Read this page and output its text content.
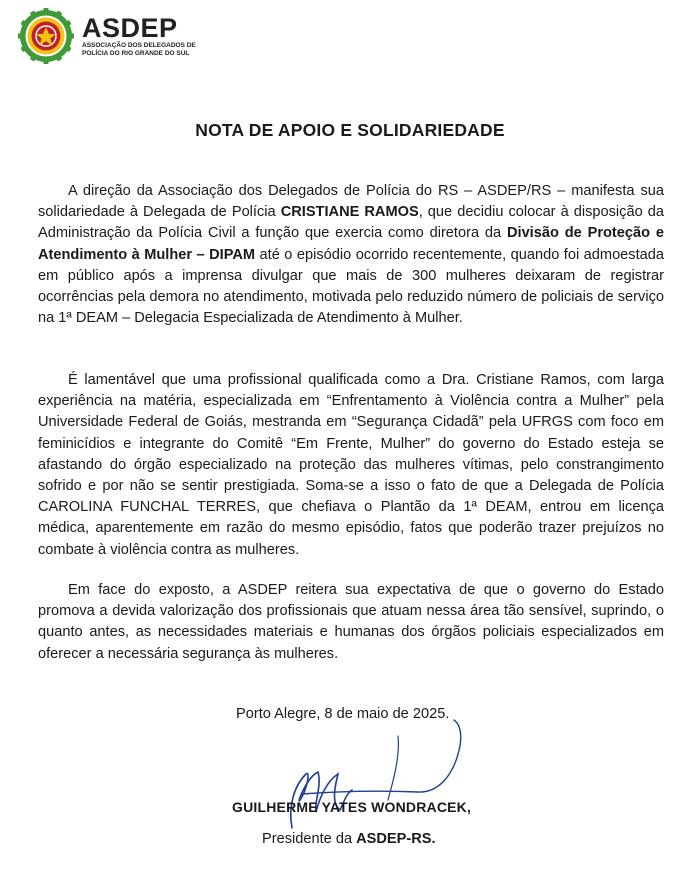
ASDEP
ASSOCIAÇÃO DOS DELEGADOS DE
POLÍCIA DO RIO GRANDE DO SUL
NOTA DE APOIO E SOLIDARIEDADE

A direção da Associação dos Delegados de Polícia do RS – ASDEP/RS – manifesta sua solidariedade à Delegada de Polícia CRISTIANE RAMOS, que decidiu colocar à disposição da Administração da Polícia Civil a função que exercia como diretora da Divisão de Proteção e Atendimento à Mulher – DIPAM até o episódio ocorrido recentemente, quando foi admoestada em público após a imprensa divulgar que mais de 300 mulheres deixaram de registrar ocorrências pela demora no atendimento, motivada pelo reduzido número de policiais de serviço na 1ª DEAM – Delegacia Especializada de Atendimento à Mulher.

É lamentável que uma profissional qualificada como a Dra. Cristiane Ramos, com larga experiência na matéria, especializada em “Enfrentamento à Violência contra a Mulher” pela Universidade Federal de Goiás, mestranda em “Segurança Cidadã” pela UFRGS com foco em feminicídios e integrante do Comitê “Em Frente, Mulher” do governo do Estado esteja se afastando do órgão especializado na proteção das mulheres vítimas, pelo constrangimento sofrido e por não se sentir prestigiada. Soma-se a isso o fato de que a Delegada de Polícia CAROLINA FUNCHAL TERRES, que chefiava o Plantão da 1ª DEAM, entrou em licença médica, aparentemente em razão do mesmo episódio, fatos que poderão trazer prejuízos no combate à violência contra as mulheres.

Em face do exposto, a ASDEP reitera sua expectativa de que o governo do Estado promova a devida valorização dos profissionais que atuam nessa área tão sensível, suprindo, o quanto antes, as necessidades materiais e humanas dos órgãos policiais especializados em oferecer a necessária segurança às mulheres.

Porto Alegre, 8 de maio de 2025.
GUILHERME YATES WONDRACEK,
Presidente da ASDEP-RS.
